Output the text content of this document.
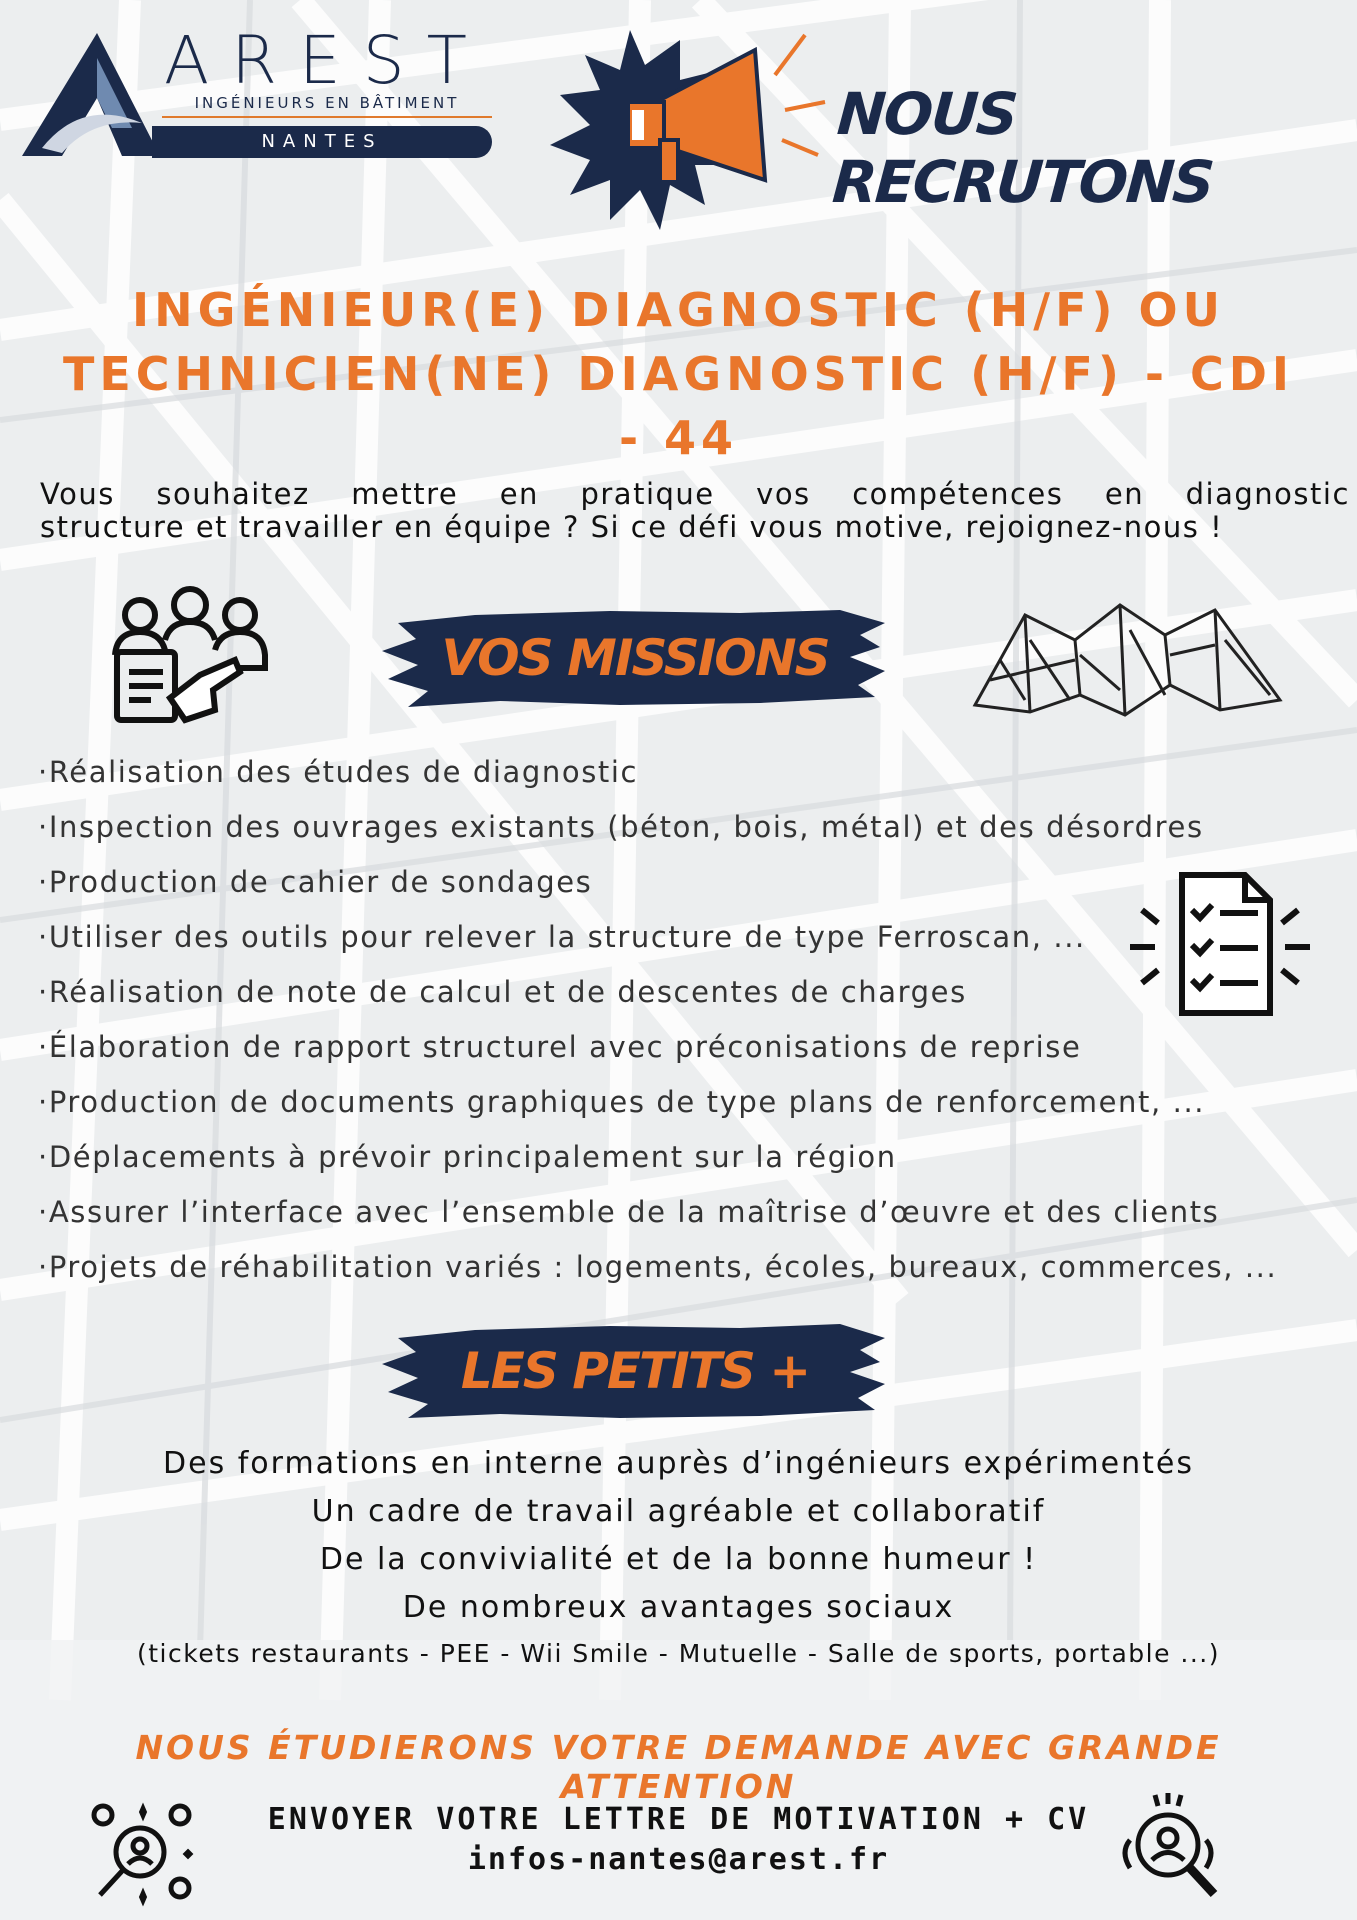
AREST
INGÉNIEURS EN BÂTIMENT
NANTES	NOUS RECRUTONS
INGÉNIEUR(E) DIAGNOSTIC (H/F) OU
TECHNICIEN(NE) DIAGNOSTIC (H/F) - CDI - 44
Vous souhaitez mettre en pratique vos compétences en diagnostic
structure et travailler en équipe ? Si ce défi vous motive, rejoignez-nous !
VOS MISSIONS
·Réalisation des études de diagnostic
·Inspection des ouvrages existants (béton, bois, métal) et des désordres
·Production de cahier de sondages
·Utiliser des outils pour relever la structure de type Ferroscan, ...
·Réalisation de note de calcul et de descentes de charges
·Élaboration de rapport structurel avec préconisations de reprise
·Production de documents graphiques de type plans de renforcement, ...
·Déplacements à prévoir principalement sur la région
·Assurer l’interface avec l’ensemble de la maîtrise d’œuvre et des clients
·Projets de réhabilitation variés : logements, écoles, bureaux, commerces, ...
LES PETITS +
Des formations en interne auprès d’ingénieurs expérimentés
Un cadre de travail agréable et collaboratif
De la convivialité et de la bonne humeur !
De nombreux avantages sociaux
(tickets restaurants - PEE - Wii Smile - Mutuelle - Salle de sports, portable ...)
NOUS ÉTUDIERONS VOTRE DEMANDE AVEC GRANDE ATTENTION
ENVOYER VOTRE LETTRE DE MOTIVATION + CV
infos-nantes@arest.fr
